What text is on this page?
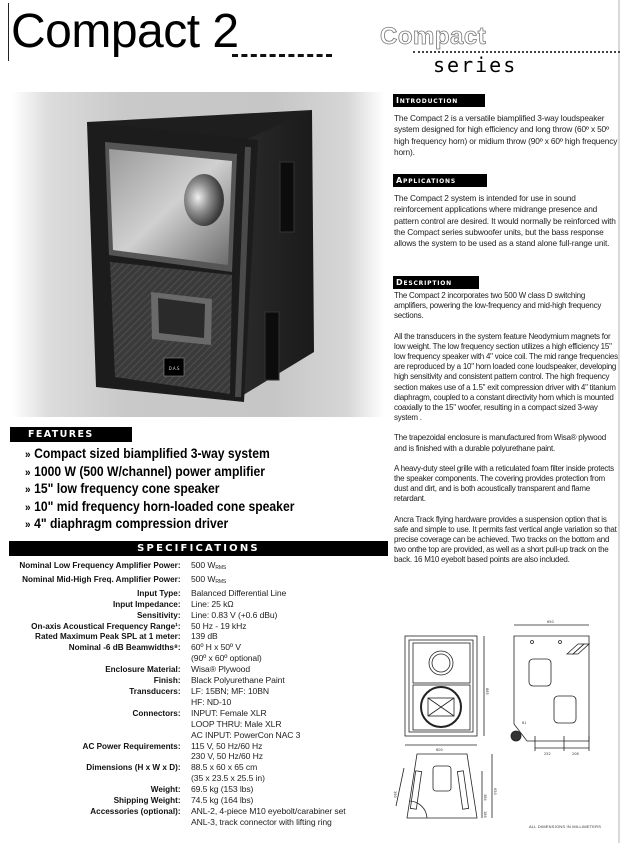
Compact 2	Compact
series
D.A.S
Introduction
The Compact 2 is a versatile biamplified 3-way loudspeaker system designed for high efficiency and long throw (60º x 50º high frequency horn) or midium throw (90º x 60º high frequency horn).
Applications
The Compact 2 system is intended for use in sound reinforcement applications where midrange presence and pattern control are desired. It would normally be reinforced with the Compact series subwoofer units, but the bass response allows the system to be used as a stand alone full-range unit.
Description

The Compact 2 incorporates two 500 W class D switching amplifiers, powering the low-frequency and mid-high frequency sections.

All the transducers in the system feature Neodymium magnets for low weight. The low frequency section utilizes a high efficiency 15" low frequency speaker with 4" voice coil. The mid range frequencies are reproduced by a 10" horn loaded cone loudspeaker, developing high sensitivity and consistent pattern control. The high frequency section makes use of a 1.5" exit compression driver with 4" titanium diaphragm, coupled to a constant directivity horn which is mounted coaxially to the 15" woofer, resulting in a compact sized 3-way system .

The trapezoidal enclosure is manufactured from Wisa® plywood and is finished with a durable polyurethane paint.

A heavy-duty steel grille with a reticulated foam filter inside protects the speaker components. The covering provides protection from dust and dirt, and is both acoustically transparent and flame retardant.

Ancra Track flying hardware provides a suspension option that is safe and simple to use. It permits fast vertical angle variation so that precise coverage can be achieved. Two tracks on the bottom and two onthe top are provided, as well as a short pull-up track on the back. 16 M10 eyebolt based points are also included.

FEATURES
» Compact sized biamplified 3-way system
» 1000 W (500 W/channel) power amplifier
» 15" low frequency cone speaker
» 10" mid frequency horn-loaded cone speaker
» 4" diaphragm compression driver
SPECIFICATIONS
Nominal Low Frequency Amplifier Power:	500 $W_{RMS}$
Nominal Mid-High Freq. Amplifier Power:	500 $W_{RMS}$
Input Type:	Balanced Differential Line
Input Impedance:	Line: 25 kΩ
Sensitivity:	Line: 0.83 V (+0.6 dBu)
On-axis Acoustical Frequency Range¹:	50 Hz - 19 kHz
Rated Maximum Peak SPL at 1 meter:	139 dB
Nominal -6 dB Beamwidths⁸:	60º H x 50º V
(90º x 60º optional)
Enclosure Material:	Wisa® Plywood
Finish:	Black Polyurethane Paint
Transducers:	LF: 15BN; MF: 10BN
HF: ND-10
Connectors:	INPUT: Female XLR
LOOP THRU: Male XLR
AC INPUT: PowerCon NAC 3
AC Power Requirements:	115 V, 50 Hz/60 Hz
230 V, 50 Hz/60 Hz
Dimensions (H x W x D):	88.5 x 60 x 65 cm
(35 x 23.5 x 25.5 in)
Weight:	69.5 kg (153 lbs)
Shipping Weight:	74.5 kg (164 lbs)
Accessories (optional):	ANL-2, 4-piece M10 eyebolt/carabiner set
ANL-3, track connector with lifting ring
600
885
650
252	206
61
390	384
650
186
ALL DIMENSIONS IN MILLIMETERS
